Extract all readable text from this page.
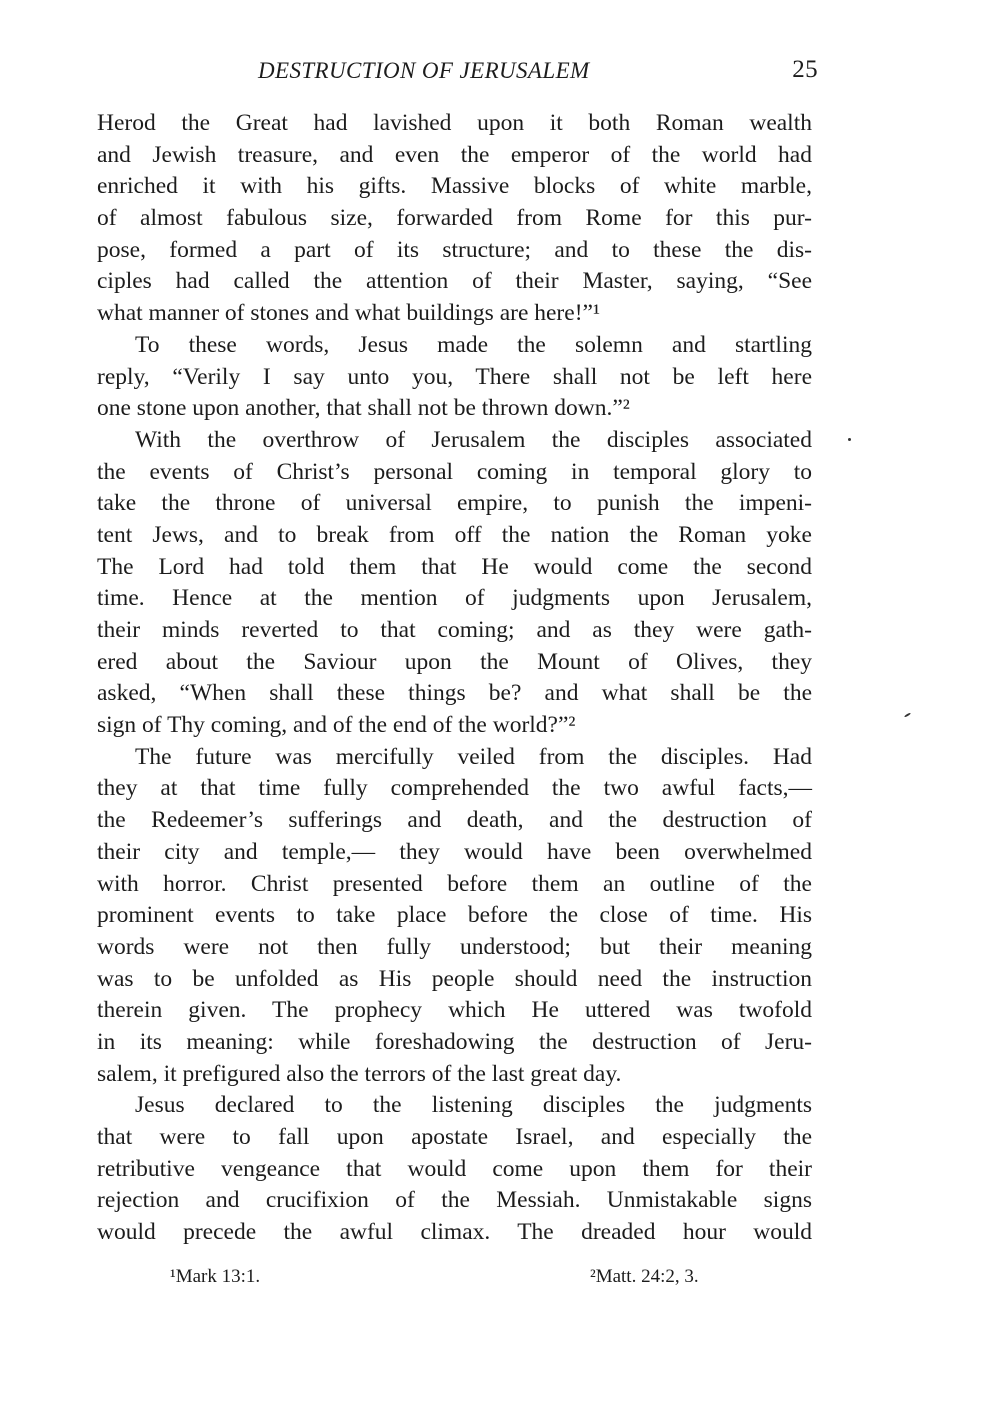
DESTRUCTION OF JERUSALEM	25
Herod the Great had lavished upon it both Roman wealth
and Jewish treasure, and even the emperor of the world had
enriched it with his gifts. Massive blocks of white marble,
of almost fabulous size, forwarded from Rome for this pur-
pose, formed a part of its structure; and to these the dis-
ciples had called the attention of their Master, saying, “See
what manner of stones and what buildings are here!”¹
To these words, Jesus made the solemn and startling
reply, “Verily I say unto you, There shall not be left here
one stone upon another, that shall not be thrown down.”²
With the overthrow of Jerusalem the disciples associated
the events of Christ’s personal coming in temporal glory to
take the throne of universal empire, to punish the impeni-
tent Jews, and to break from off the nation the Roman yoke
The Lord had told them that He would come the second
time. Hence at the mention of judgments upon Jerusalem,
their minds reverted to that coming; and as they were gath-
ered about the Saviour upon the Mount of Olives, they
asked, “When shall these things be? and what shall be the
sign of Thy coming, and of the end of the world?”²
The future was mercifully veiled from the disciples. Had
they at that time fully comprehended the two awful facts,—
the Redeemer’s sufferings and death, and the destruction of
their city and temple,— they would have been overwhelmed
with horror. Christ presented before them an outline of the
prominent events to take place before the close of time. His
words were not then fully understood; but their meaning
was to be unfolded as His people should need the instruction
therein given. The prophecy which He uttered was twofold
in its meaning: while foreshadowing the destruction of Jeru-
salem, it prefigured also the terrors of the last great day.
Jesus declared to the listening disciples the judgments
that were to fall upon apostate Israel, and especially the
retributive vengeance that would come upon them for their
rejection and crucifixion of the Messiah. Unmistakable signs
would precede the awful climax. The dreaded hour would
¹Mark 13:1.	²Matt. 24:2, 3.
